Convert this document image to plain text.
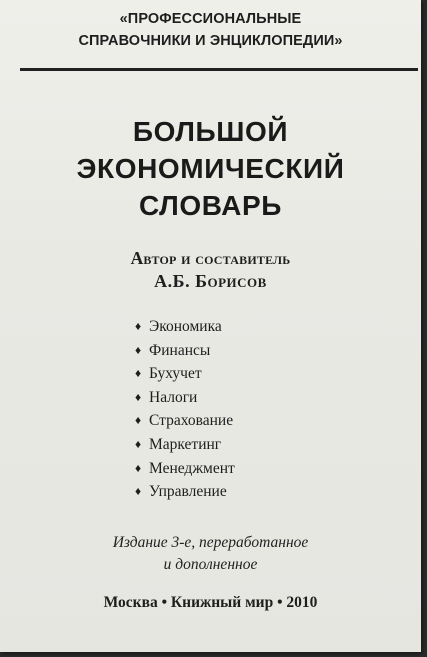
«ПРОФЕССИОНАЛЬНЫЕ
СПРАВОЧНИКИ И ЭНЦИКЛОПЕДИИ»
БОЛЬШОЙ
ЭКОНОМИЧЕСКИЙ
СЛОВАРЬ
Автор и составитель
А.Б. Борисов
♦ Экономика
♦ Финансы
♦ Бухучет
♦ Налоги
♦ Страхование
♦ Маркетинг
♦ Менеджмент
♦ Управление
Издание 3-е, переработанное
и дополненное
Москва • Книжный мир • 2010
